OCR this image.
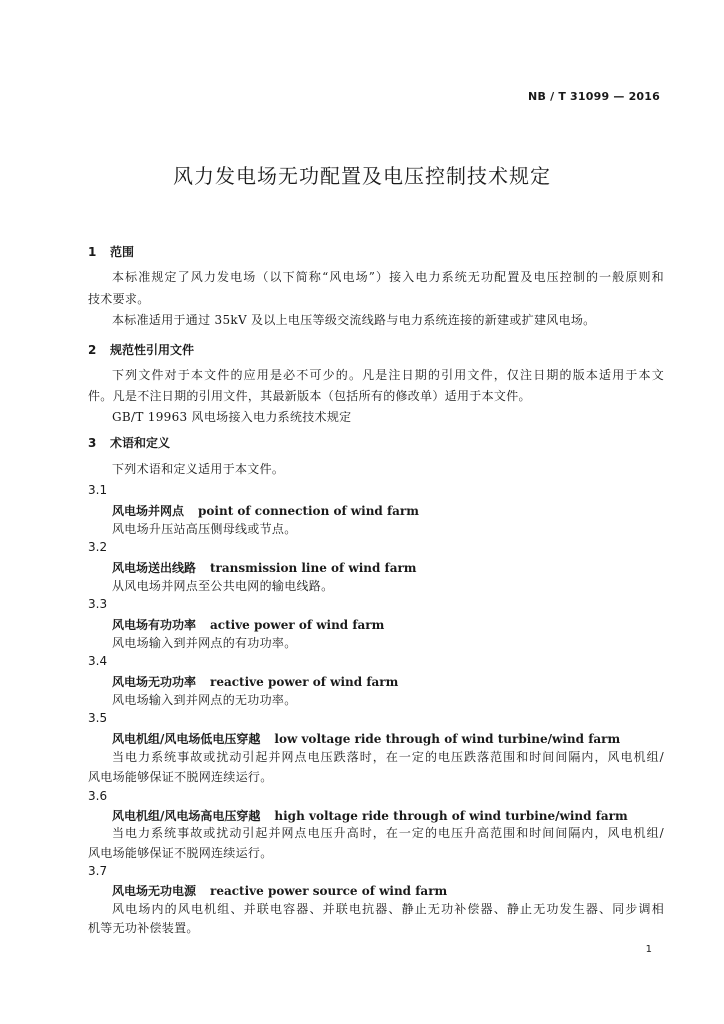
NB / T 31099 — 2016
风力发电场无功配置及电压控制技术规定
1 范围
本标准规定了风力发电场（以下简称“风电场”）接入电力系统无功配置及电压控制的一般原则和
技术要求。
本标准适用于通过 35kV 及以上电压等级交流线路与电力系统连接的新建或扩建风电场。
2 规范性引用文件
下列文件对于本文件的应用是必不可少的。凡是注日期的引用文件，仅注日期的版本适用于本文
件。凡是不注日期的引用文件，其最新版本（包括所有的修改单）适用于本文件。
GB/T 19963 风电场接入电力系统技术规定
3 术语和定义
下列术语和定义适用于本文件。
3.1
风电场并网点 point of connection of wind farm
风电场升压站高压侧母线或节点。
3.2
风电场送出线路 transmission line of wind farm
从风电场并网点至公共电网的输电线路。
3.3
风电场有功功率 active power of wind farm
风电场输入到并网点的有功功率。
3.4
风电场无功功率 reactive power of wind farm
风电场输入到并网点的无功功率。
3.5
风电机组/风电场低电压穿越 low voltage ride through of wind turbine/wind farm
当电力系统事故或扰动引起并网点电压跌落时，在一定的电压跌落范围和时间间隔内，风电机组/
风电场能够保证不脱网连续运行。
3.6
风电机组/风电场高电压穿越 high voltage ride through of wind turbine/wind farm
当电力系统事故或扰动引起并网点电压升高时，在一定的电压升高范围和时间间隔内，风电机组/
风电场能够保证不脱网连续运行。
3.7
风电场无功电源 reactive power source of wind farm
风电场内的风电机组、并联电容器、并联电抗器、静止无功补偿器、静止无功发生器、同步调相
机等无功补偿装置。
1
